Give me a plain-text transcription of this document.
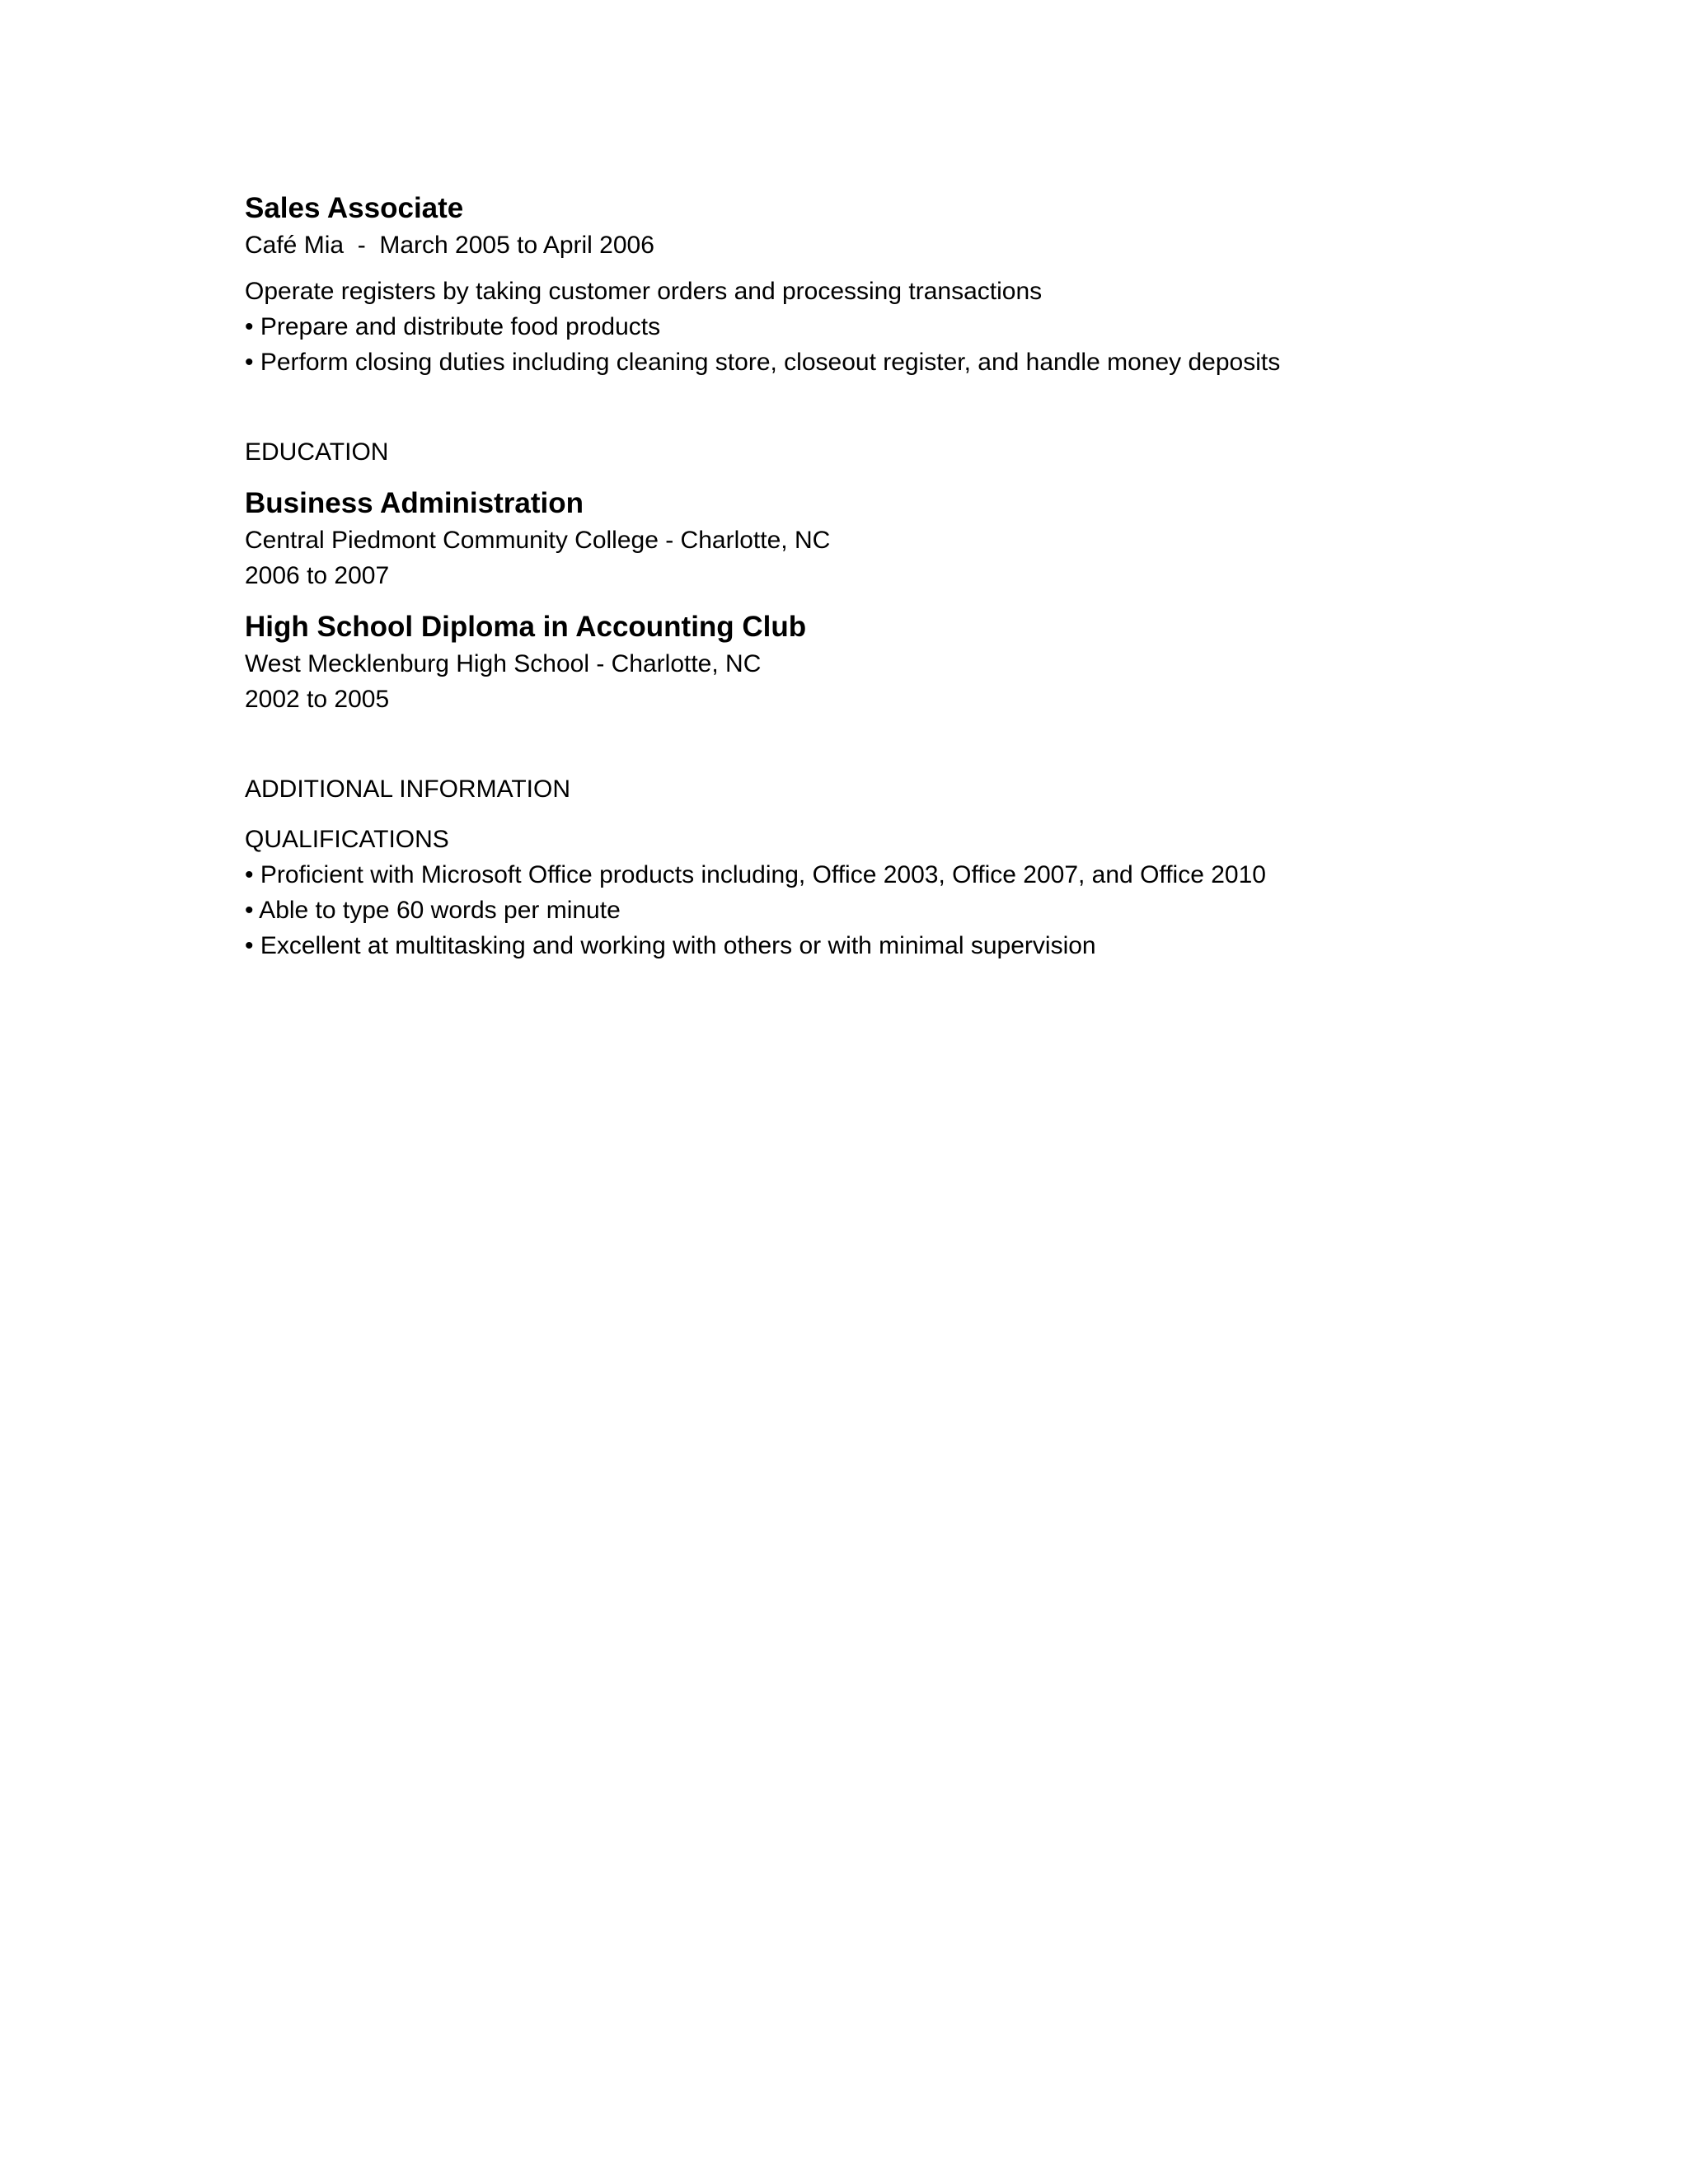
Sales Associate

Café Mia  -  March 2005 to April 2006

Operate registers by taking customer orders and processing transactions

• Prepare and distribute food products

• Perform closing duties including cleaning store, closeout register, and handle money deposits

EDUCATION

Business Administration

Central Piedmont Community College - Charlotte, NC

2006 to 2007

High School Diploma in Accounting Club

West Mecklenburg High School - Charlotte, NC

2002 to 2005

ADDITIONAL INFORMATION

QUALIFICATIONS

• Proficient with Microsoft Office products including, Office 2003, Office 2007, and Office 2010

• Able to type 60 words per minute

• Excellent at multitasking and working with others or with minimal supervision
